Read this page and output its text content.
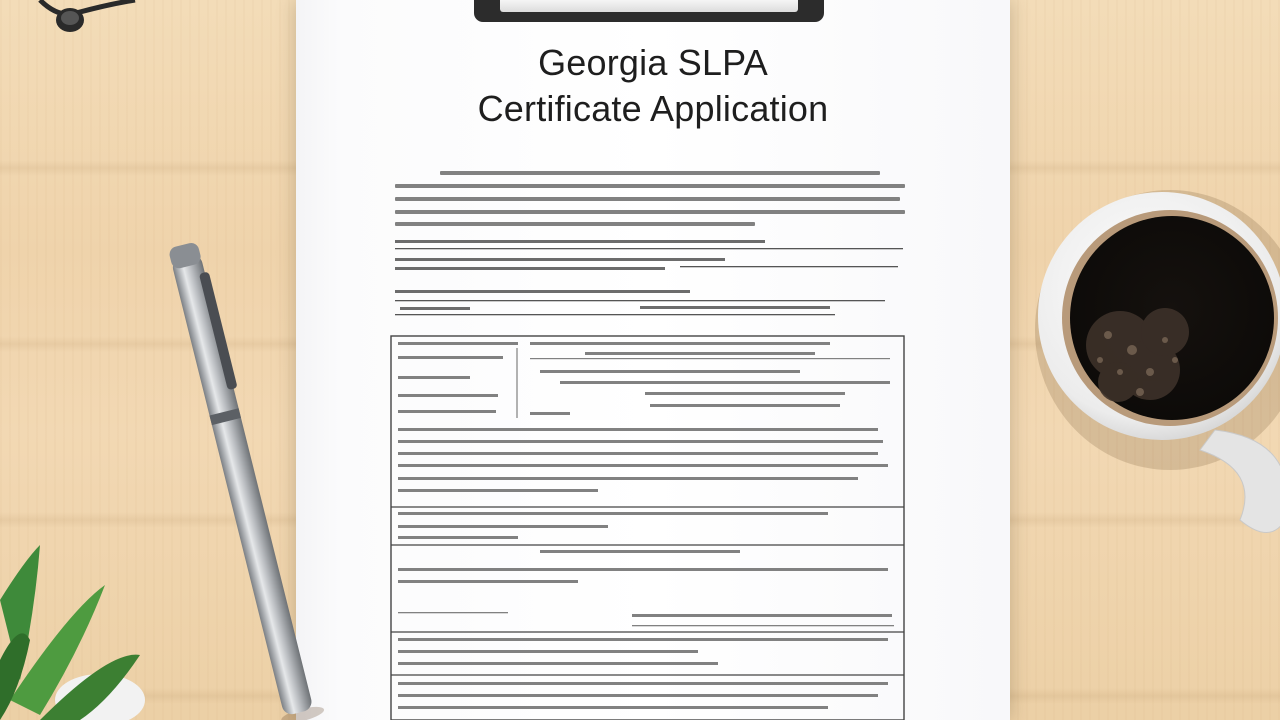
Georgia SLPA
Certificate Application
